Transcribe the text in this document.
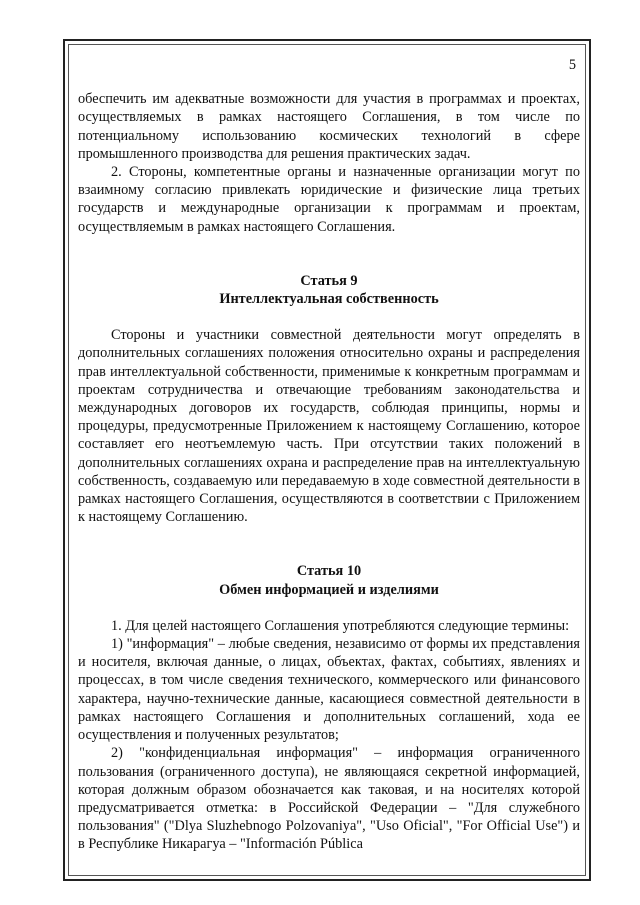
5

обеспечить им адекватные возможности для участия в программах и проектах, осуществляемых в рамках настоящего Соглашения, в том числе по потенциальному использованию космических технологий в сфере промышленного производства для решения практических задач.

2. Стороны, компетентные органы и назначенные организации могут по взаимному согласию привлекать юридические и физические лица третьих государств и международные организации к программам и проектам, осуществляемым в рамках настоящего Соглашения.

Статья 9
Интеллектуальная собственность

Стороны и участники совместной деятельности могут определять в дополнительных соглашениях положения относительно охраны и распределения прав интеллектуальной собственности, применимые к конкретным программам и проектам сотрудничества и отвечающие требованиям законодательства и международных договоров их государств, соблюдая принципы, нормы и процедуры, предусмотренные Приложением к настоящему Соглашению, которое составляет его неотъемлемую часть. При отсутствии таких положений в дополнительных соглашениях охрана и распределение прав на интеллектуальную собственность, создаваемую или передаваемую в ходе совместной деятельности в рамках настоящего Соглашения, осуществляются в соответствии с Приложением к настоящему Соглашению.

Статья 10
Обмен информацией и изделиями

1. Для целей настоящего Соглашения употребляются следующие термины:

1) "информация" – любые сведения, независимо от формы их представления и носителя, включая данные, о лицах, объектах, фактах, событиях, явлениях и процессах, в том числе сведения технического, коммерческого или финансового характера, научно-технические данные, касающиеся совместной деятельности в рамках настоящего Соглашения и дополнительных соглашений, хода ее осуществления и полученных результатов;

2) "конфиденциальная информация" – информация ограниченного пользования (ограниченного доступа), не являющаяся секретной информацией, которая должным образом обозначается как таковая, и на носителях которой предусматривается отметка: в Российской Федерации – "Для служебного пользования" ("Dlya Sluzhebnogo Polzovaniya", "Uso Oficial", "For Official Use") и в Республике Никарагуа – "Información Pública
